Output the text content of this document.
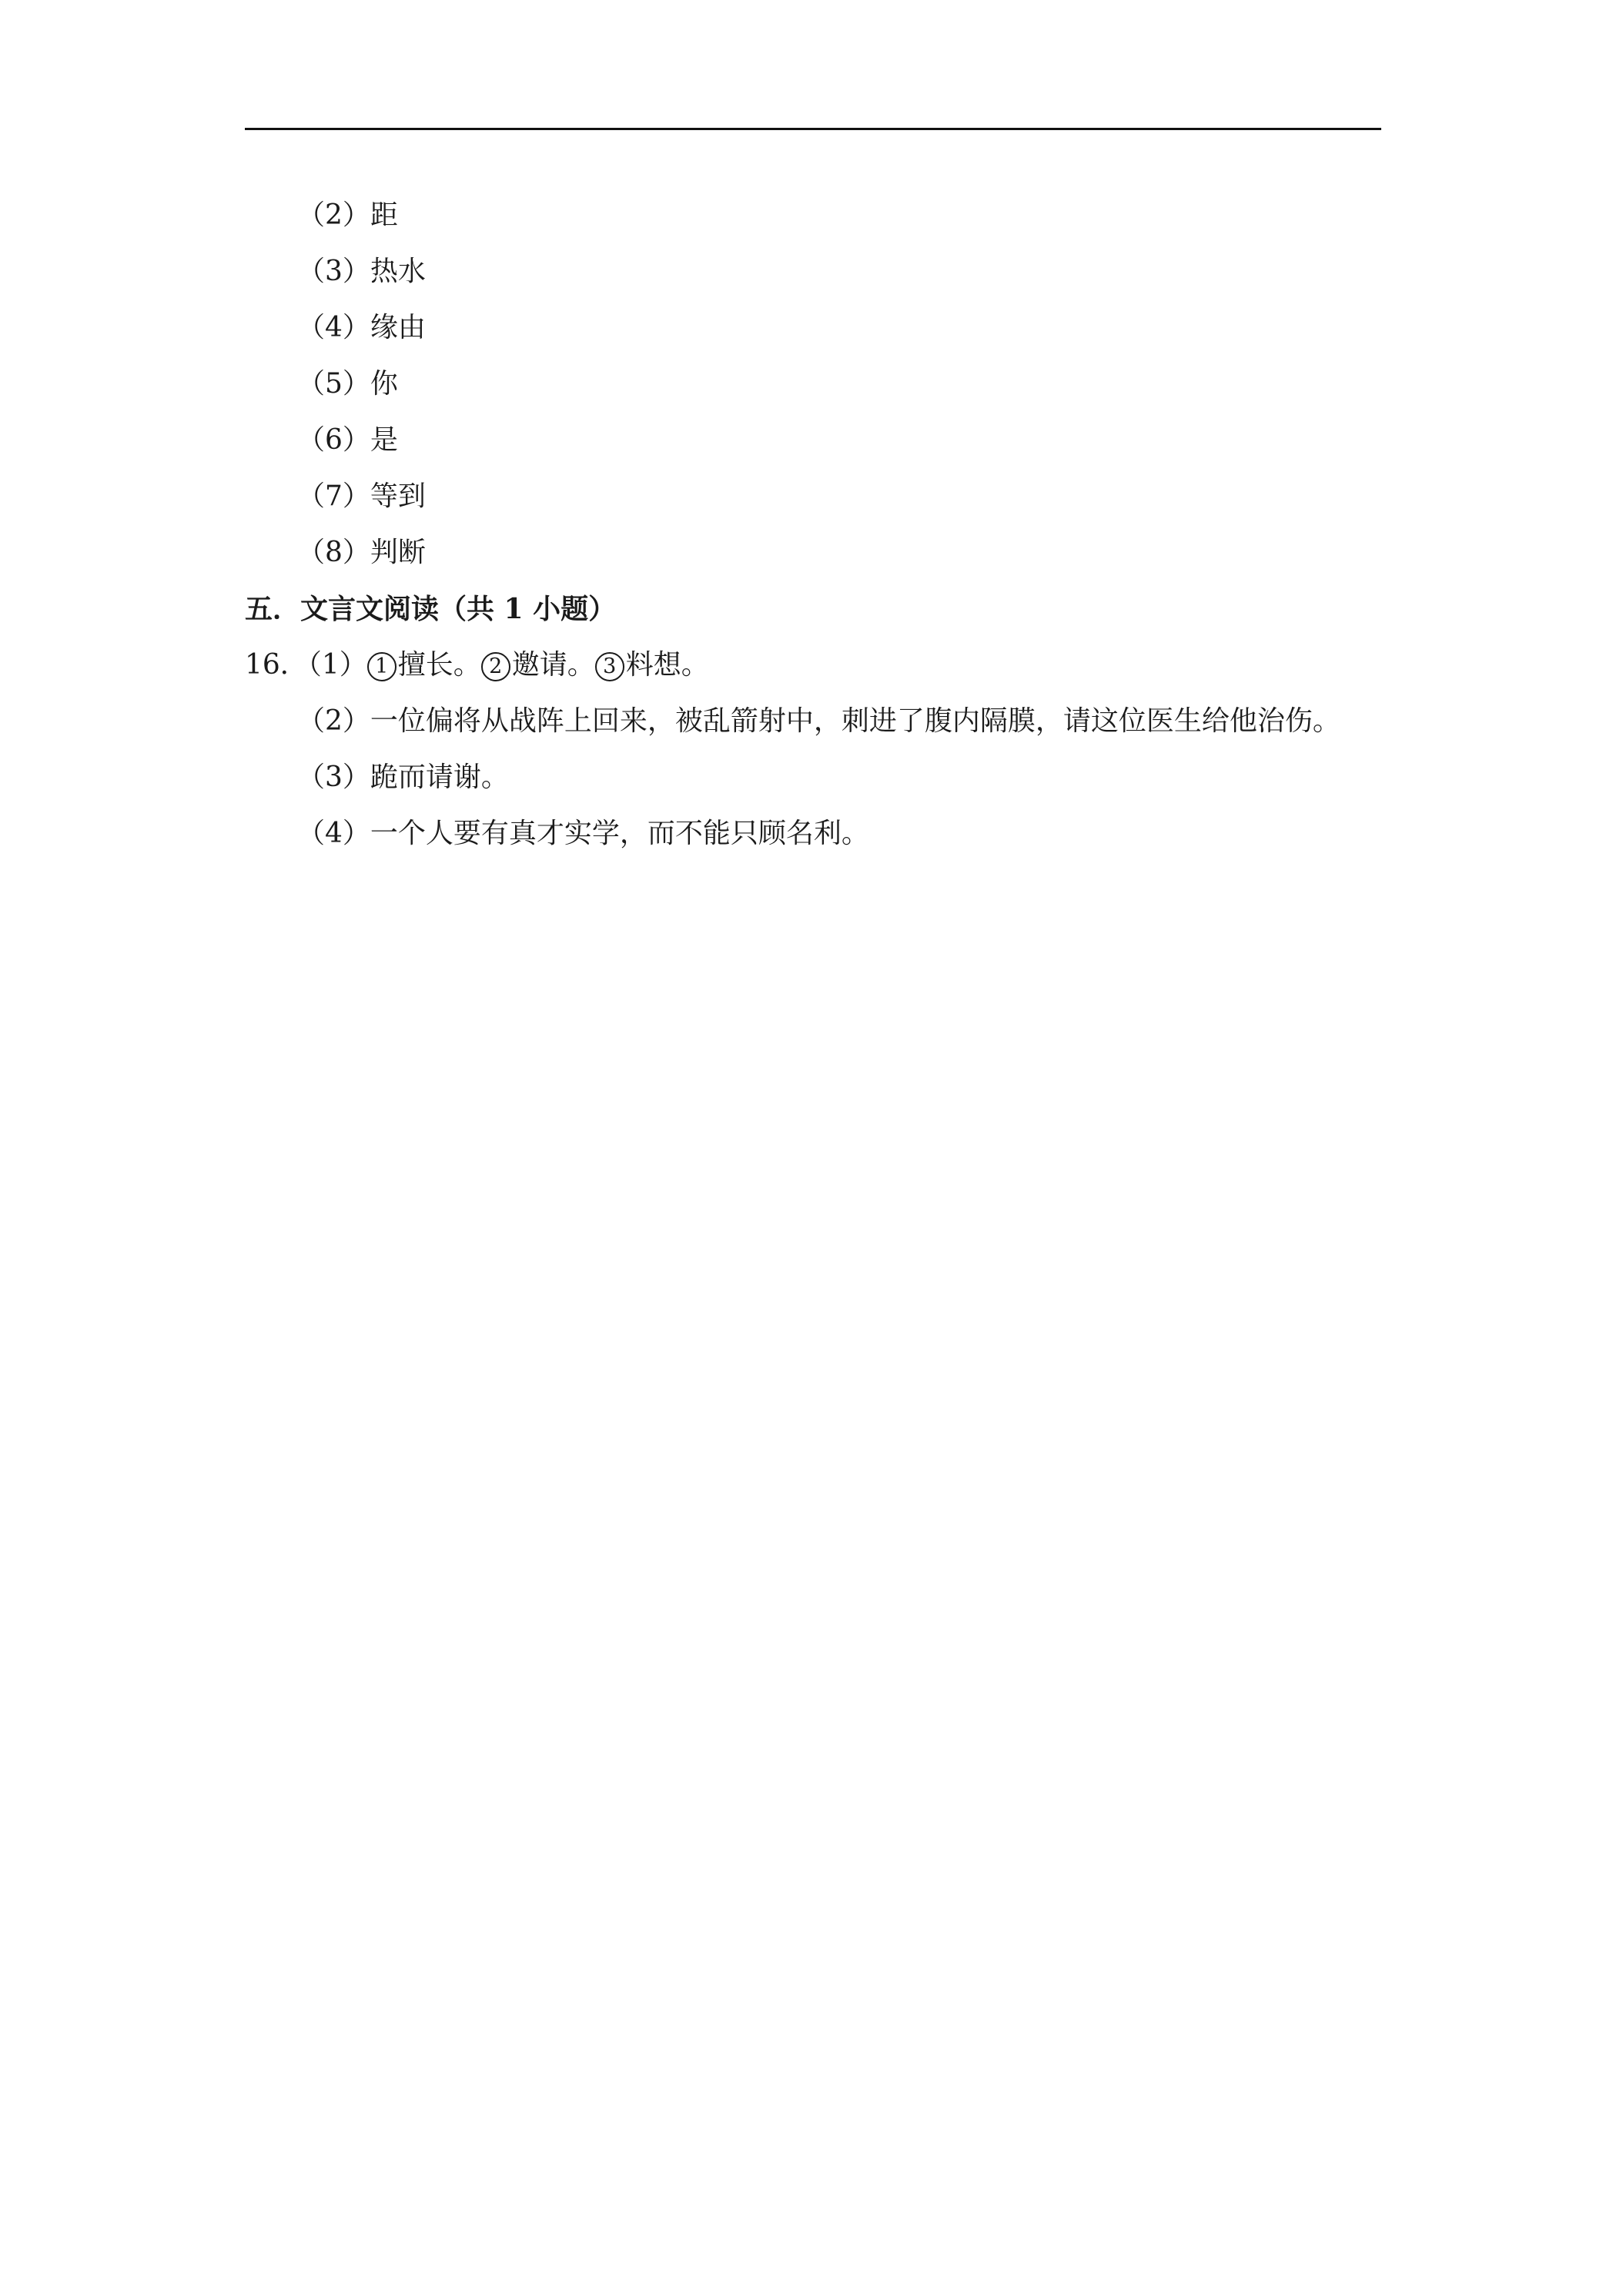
（2）距
（3）热水
（4）缘由
（5）你
（6）是
（7）等到
（8）判断
五．文言文阅读（共 1 小题）
16．（1） 1 擅长。 2 邀请。 3 料想。
（2）一位偏将从战阵上回来，被乱箭射中，刺进了腹内隔膜，请这位医生给他治伤。
（3）跪而请谢。
（4）一个人要有真才实学，而不能只顾名利。
